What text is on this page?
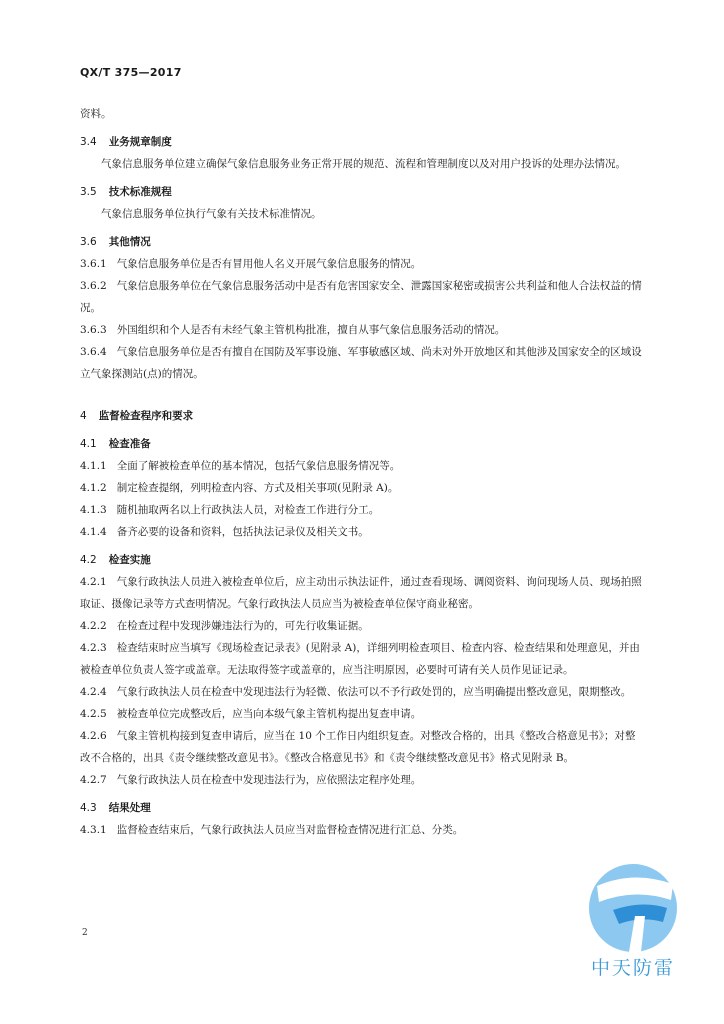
QX/T 375—2017
资料。
3.4 业务规章制度
气象信息服务单位建立确保气象信息服务业务正常开展的规范、流程和管理制度以及对用户投诉的处理办法情况。
3.5 技术标准规程
气象信息服务单位执行气象有关技术标准情况。
3.6 其他情况
3.6.1 气象信息服务单位是否有冒用他人名义开展气象信息服务的情况。
3.6.2 气象信息服务单位在气象信息服务活动中是否有危害国家安全、泄露国家秘密或损害公共利益和他人合法权益的情况。
3.6.3 外国组织和个人是否有未经气象主管机构批准，擅自从事气象信息服务活动的情况。
3.6.4 气象信息服务单位是否有擅自在国防及军事设施、军事敏感区域、尚未对外开放地区和其他涉及国家安全的区域设立气象探测站(点)的情况。
4 监督检查程序和要求
4.1 检查准备
4.1.1 全面了解被检查单位的基本情况，包括气象信息服务情况等。
4.1.2 制定检查提纲，列明检查内容、方式及相关事项(见附录 A)。
4.1.3 随机抽取两名以上行政执法人员，对检查工作进行分工。
4.1.4 备齐必要的设备和资料，包括执法记录仪及相关文书。
4.2 检查实施
4.2.1 气象行政执法人员进入被检查单位后，应主动出示执法证件，通过查看现场、调阅资料、询问现场人员、现场拍照取证、摄像记录等方式查明情况。气象行政执法人员应当为被检查单位保守商业秘密。
4.2.2 在检查过程中发现涉嫌违法行为的，可先行收集证据。
4.2.3 检查结束时应当填写《现场检查记录表》(见附录 A)，详细列明检查项目、检查内容、检查结果和处理意见，并由被检查单位负责人签字或盖章。无法取得签字或盖章的，应当注明原因，必要时可请有关人员作见证记录。
4.2.4 气象行政执法人员在检查中发现违法行为轻微、依法可以不予行政处罚的，应当明确提出整改意见，限期整改。
4.2.5 被检查单位完成整改后，应当向本级气象主管机构提出复查申请。
4.2.6 气象主管机构接到复查申请后，应当在 10 个工作日内组织复查。对整改合格的，出具《整改合格意见书》；对整改不合格的，出具《责令继续整改意见书》。《整改合格意见书》和《责令继续整改意见书》格式见附录 B。
4.2.7 气象行政执法人员在检查中发现违法行为，应依照法定程序处理。
4.3 结果处理
4.3.1 监督检查结束后，气象行政执法人员应当对监督检查情况进行汇总、分类。
2
中天防雷
